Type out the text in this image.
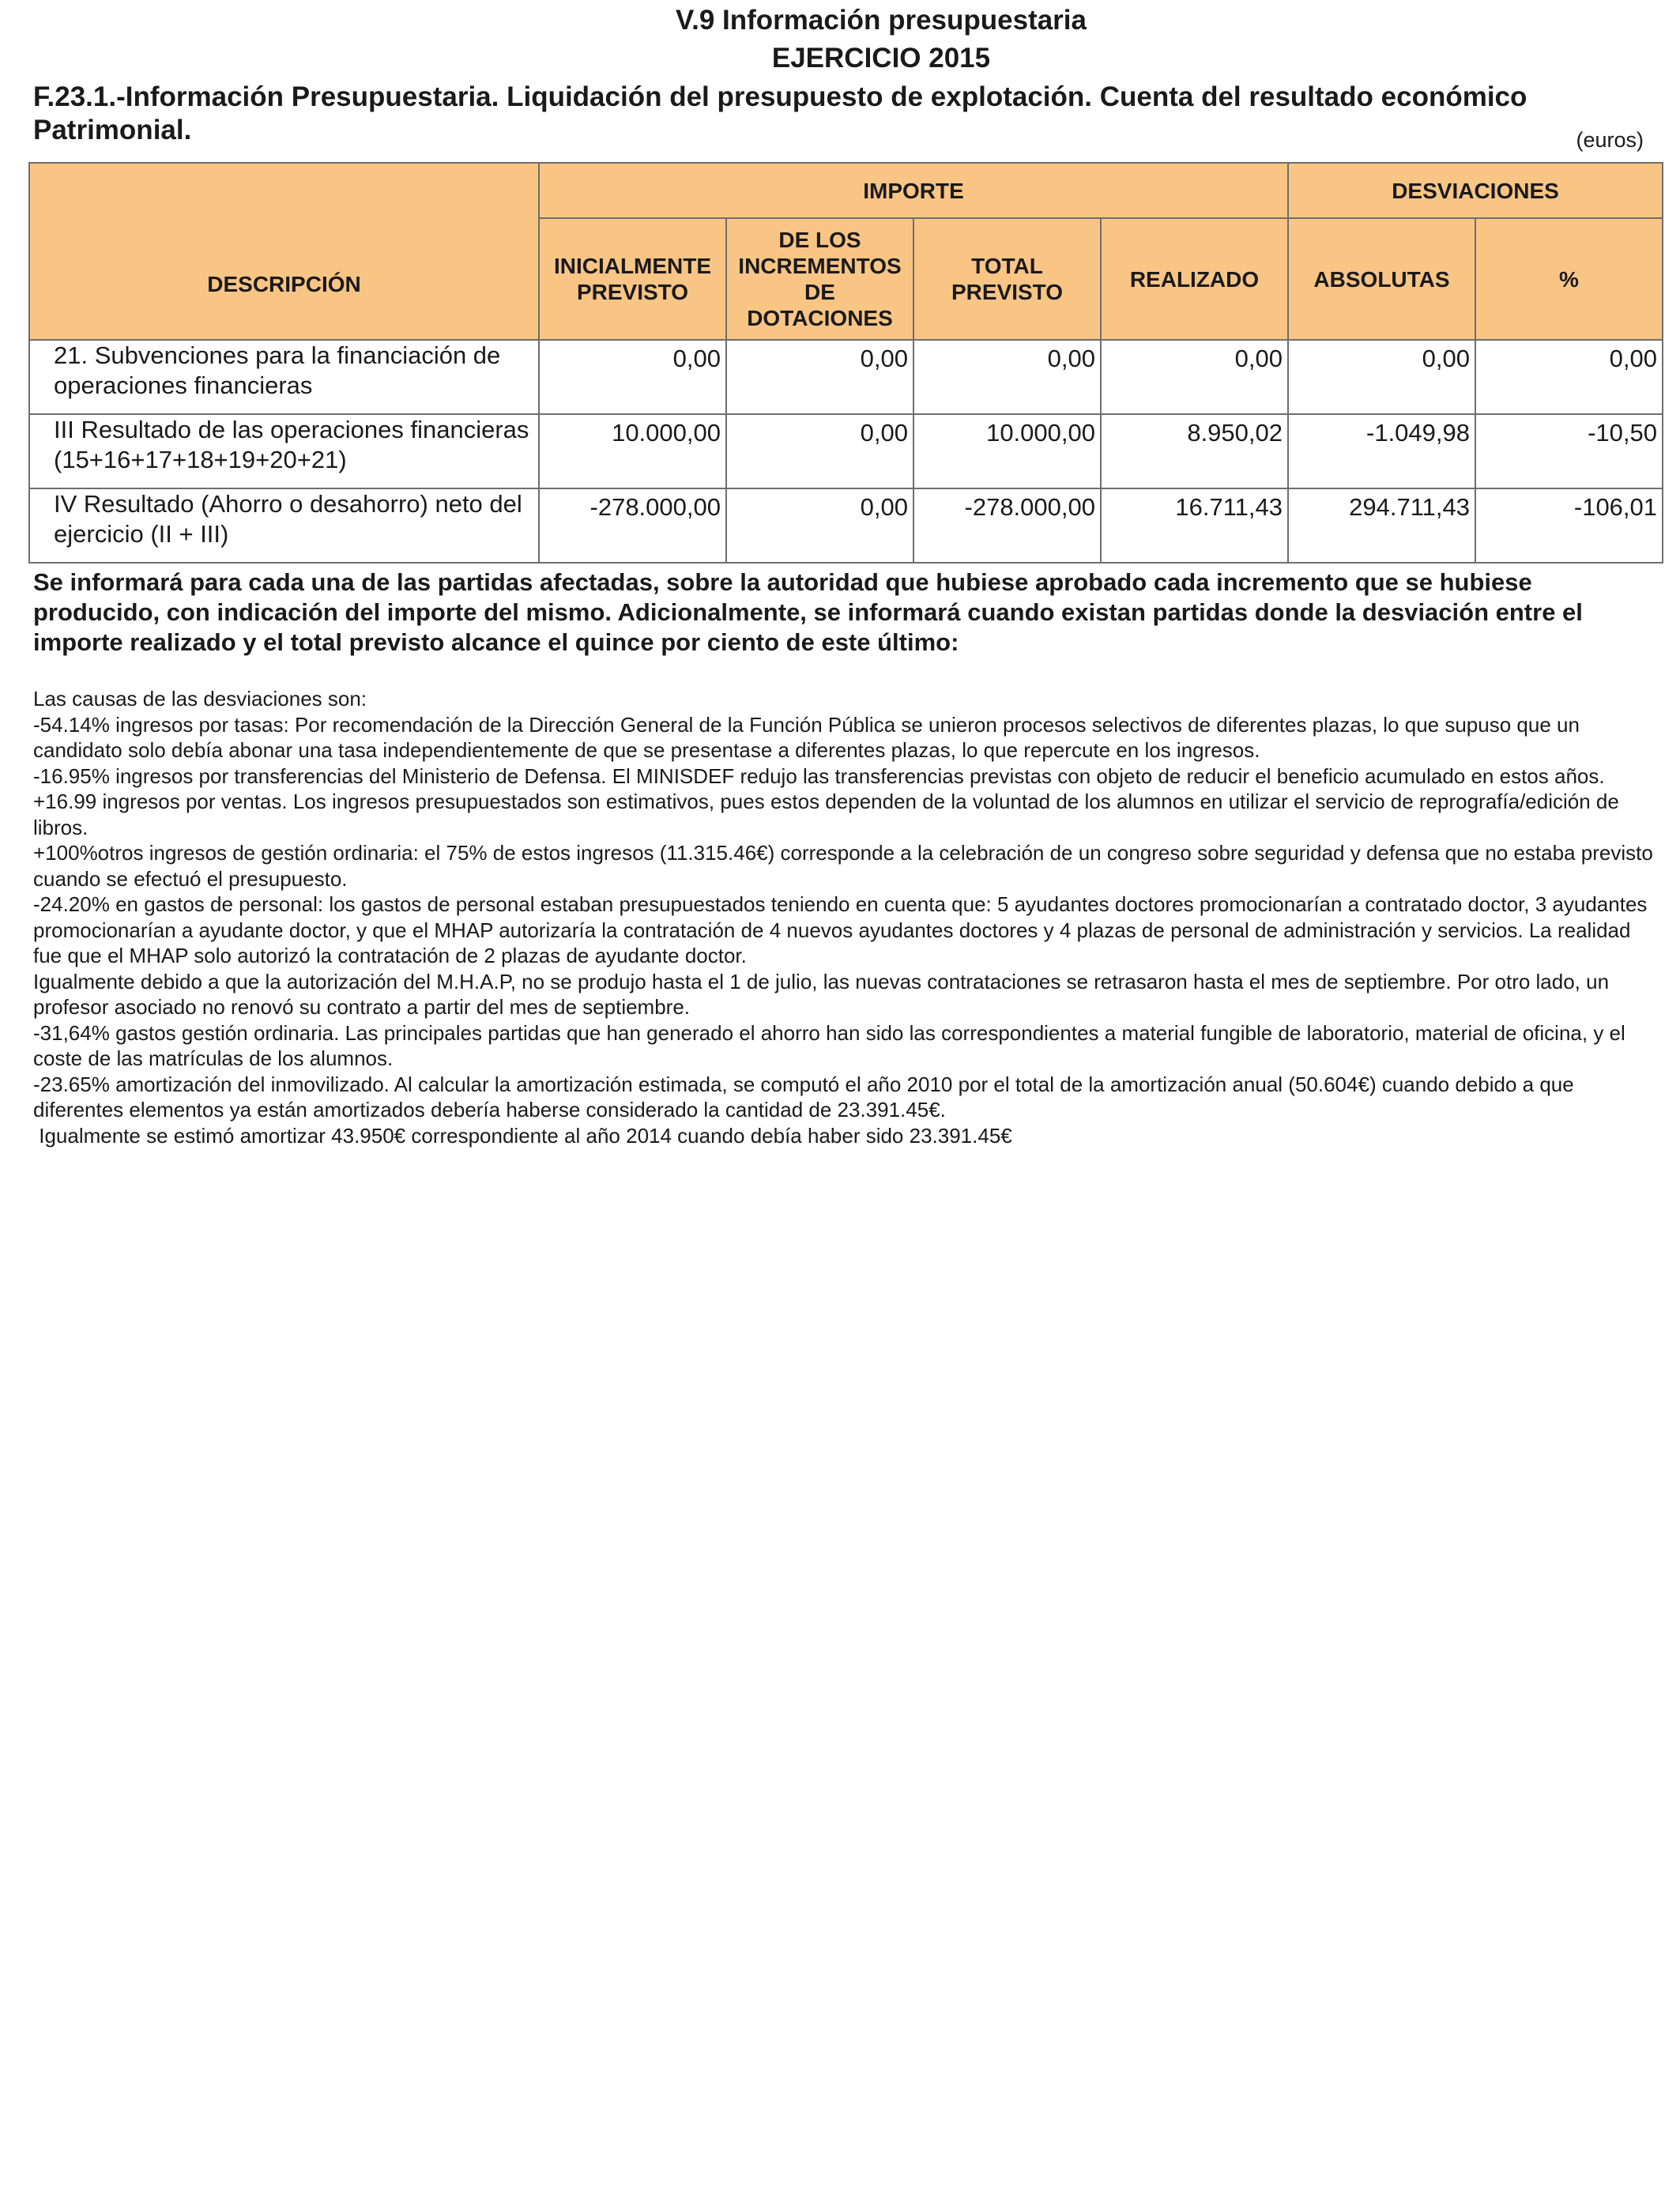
V.9 Información presupuestaria
EJERCICIO 2015
F.23.1.-Información Presupuestaria. Liquidación del presupuesto de explotación. Cuenta del resultado económico Patrimonial.	(euros)
DESCRIPCIÓN	IMPORTE				DESVIACIONES	
	INICIALMENTE PREVISTO	DE LOS INCREMENTOS DE DOTACIONES	TOTAL PREVISTO	REALIZADO	ABSOLUTAS	%
21. Subvenciones para la financiación de operaciones financieras	0,00	0,00	0,00	0,00	0,00	0,00
III Resultado de las operaciones financieras (15+16+17+18+19+20+21)	10.000,00	0,00	10.000,00	8.950,02	-1.049,98	-10,50
IV Resultado (Ahorro o desahorro) neto del ejercicio (II + III)	-278.000,00	0,00	-278.000,00	16.711,43	294.711,43	-106,01
Se informará para cada una de las partidas afectadas, sobre la autoridad que hubiese aprobado cada incremento que se hubiese producido, con indicación del importe del mismo. Adicionalmente, se informará cuando existan partidas donde la desviación entre el importe realizado y el total previsto alcance el quince por ciento de este último:

Las causas de las desviaciones son:

-54.14% ingresos por tasas: Por recomendación de la Dirección General de la Función Pública se unieron procesos selectivos de diferentes plazas, lo que supuso que un candidato solo debía abonar una tasa independientemente de que se presentase a diferentes plazas, lo que repercute en los ingresos.

-16.95% ingresos por transferencias del Ministerio de Defensa. El MINISDEF redujo las transferencias previstas con objeto de reducir el beneficio acumulado en estos años.

+16.99 ingresos por ventas. Los ingresos presupuestados son estimativos, pues estos dependen de la voluntad de los alumnos en utilizar el servicio de reprografía/edición de libros.

+100%otros ingresos de gestión ordinaria: el 75% de estos ingresos (11.315.46€) corresponde a la celebración de un congreso sobre seguridad y defensa que no estaba previsto cuando se efectuó el presupuesto.

-24.20% en gastos de personal: los gastos de personal estaban presupuestados teniendo en cuenta que: 5 ayudantes doctores promocionarían a contratado doctor, 3 ayudantes promocionarían a ayudante doctor, y que el MHAP autorizaría la contratación de 4 nuevos ayudantes doctores y 4 plazas de personal de administración y servicios. La realidad fue que el MHAP solo autorizó la contratación de 2 plazas de ayudante doctor.

Igualmente debido a que la autorización del M.H.A.P, no se produjo hasta el 1 de julio, las nuevas contrataciones se retrasaron hasta el mes de septiembre. Por otro lado, un profesor asociado no renovó su contrato a partir del mes de septiembre.

-31,64% gastos gestión ordinaria. Las principales partidas que han generado el ahorro han sido las correspondientes a material fungible de laboratorio, material de oficina, y el coste de las matrículas de los alumnos.

-23.65% amortización del inmovilizado. Al calcular la amortización estimada, se computó el año 2010 por el total de la amortización anual (50.604€) cuando debido a que diferentes elementos ya están amortizados debería haberse considerado la cantidad de 23.391.45€.

Igualmente se estimó amortizar 43.950€ correspondiente al año 2014 cuando debía haber sido 23.391.45€
